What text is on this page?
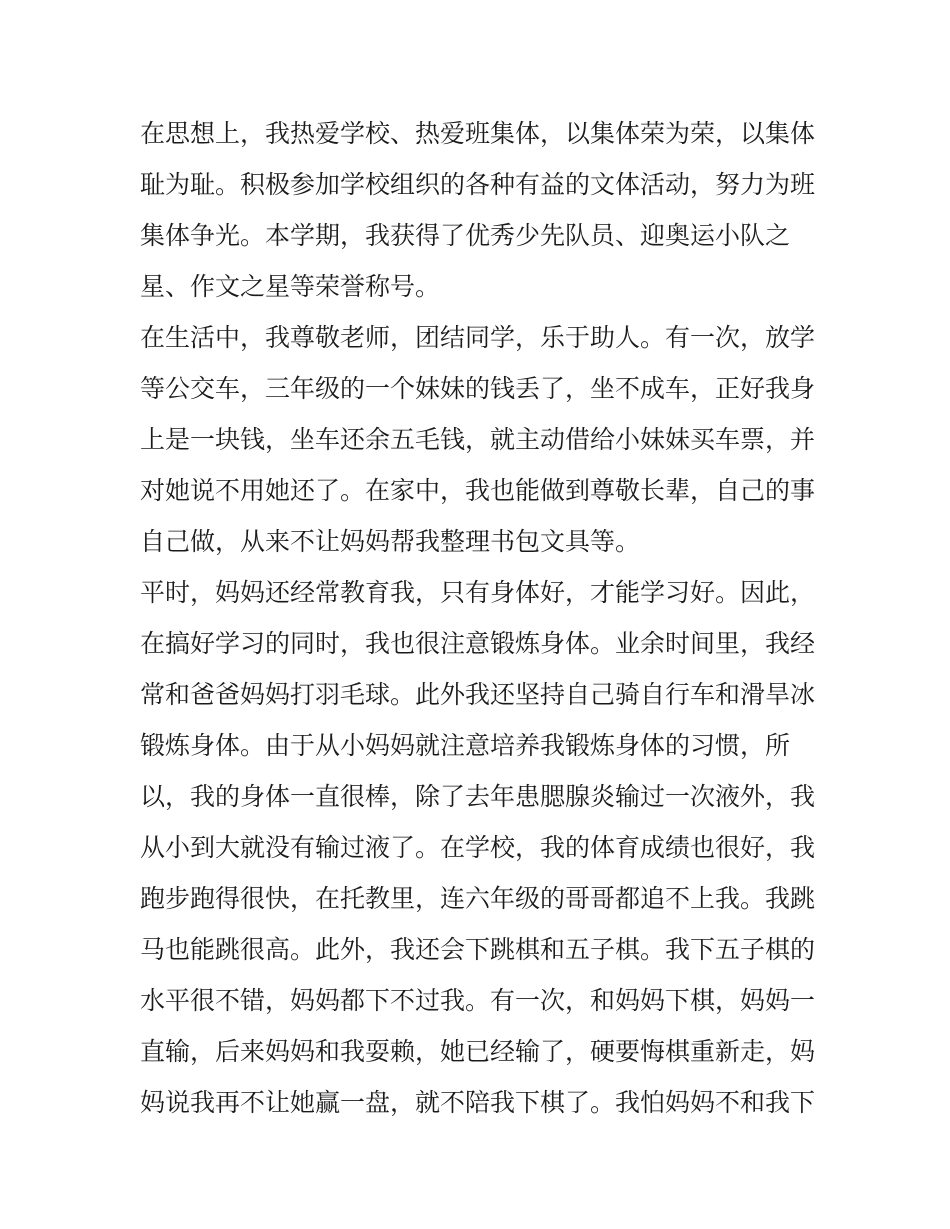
在思想上，我热爱学校、热爱班集体，以集体荣为荣，以集体
耻为耻。积极参加学校组织的各种有益的文体活动，努力为班
集体争光。本学期，我获得了优秀少先队员、迎奥运小队之
星、作文之星等荣誉称号。
在生活中，我尊敬老师，团结同学，乐于助人。有一次，放学
等公交车，三年级的一个妹妹的钱丢了，坐不成车，正好我身
上是一块钱，坐车还余五毛钱，就主动借给小妹妹买车票，并
对她说不用她还了。在家中，我也能做到尊敬长辈，自己的事
自己做，从来不让妈妈帮我整理书包文具等。
平时，妈妈还经常教育我，只有身体好，才能学习好。因此，
在搞好学习的同时，我也很注意锻炼身体。业余时间里，我经
常和爸爸妈妈打羽毛球。此外我还坚持自己骑自行车和滑旱冰
锻炼身体。由于从小妈妈就注意培养我锻炼身体的习惯，所
以，我的身体一直很棒，除了去年患腮腺炎输过一次液外，我
从小到大就没有输过液了。在学校，我的体育成绩也很好，我
跑步跑得很快，在托教里，连六年级的哥哥都追不上我。我跳
马也能跳很高。此外，我还会下跳棋和五子棋。我下五子棋的
水平很不错，妈妈都下不过我。有一次，和妈妈下棋，妈妈一
直输，后来妈妈和我耍赖，她已经输了，硬要悔棋重新走，妈
妈说我再不让她赢一盘，就不陪我下棋了。我怕妈妈不和我下
